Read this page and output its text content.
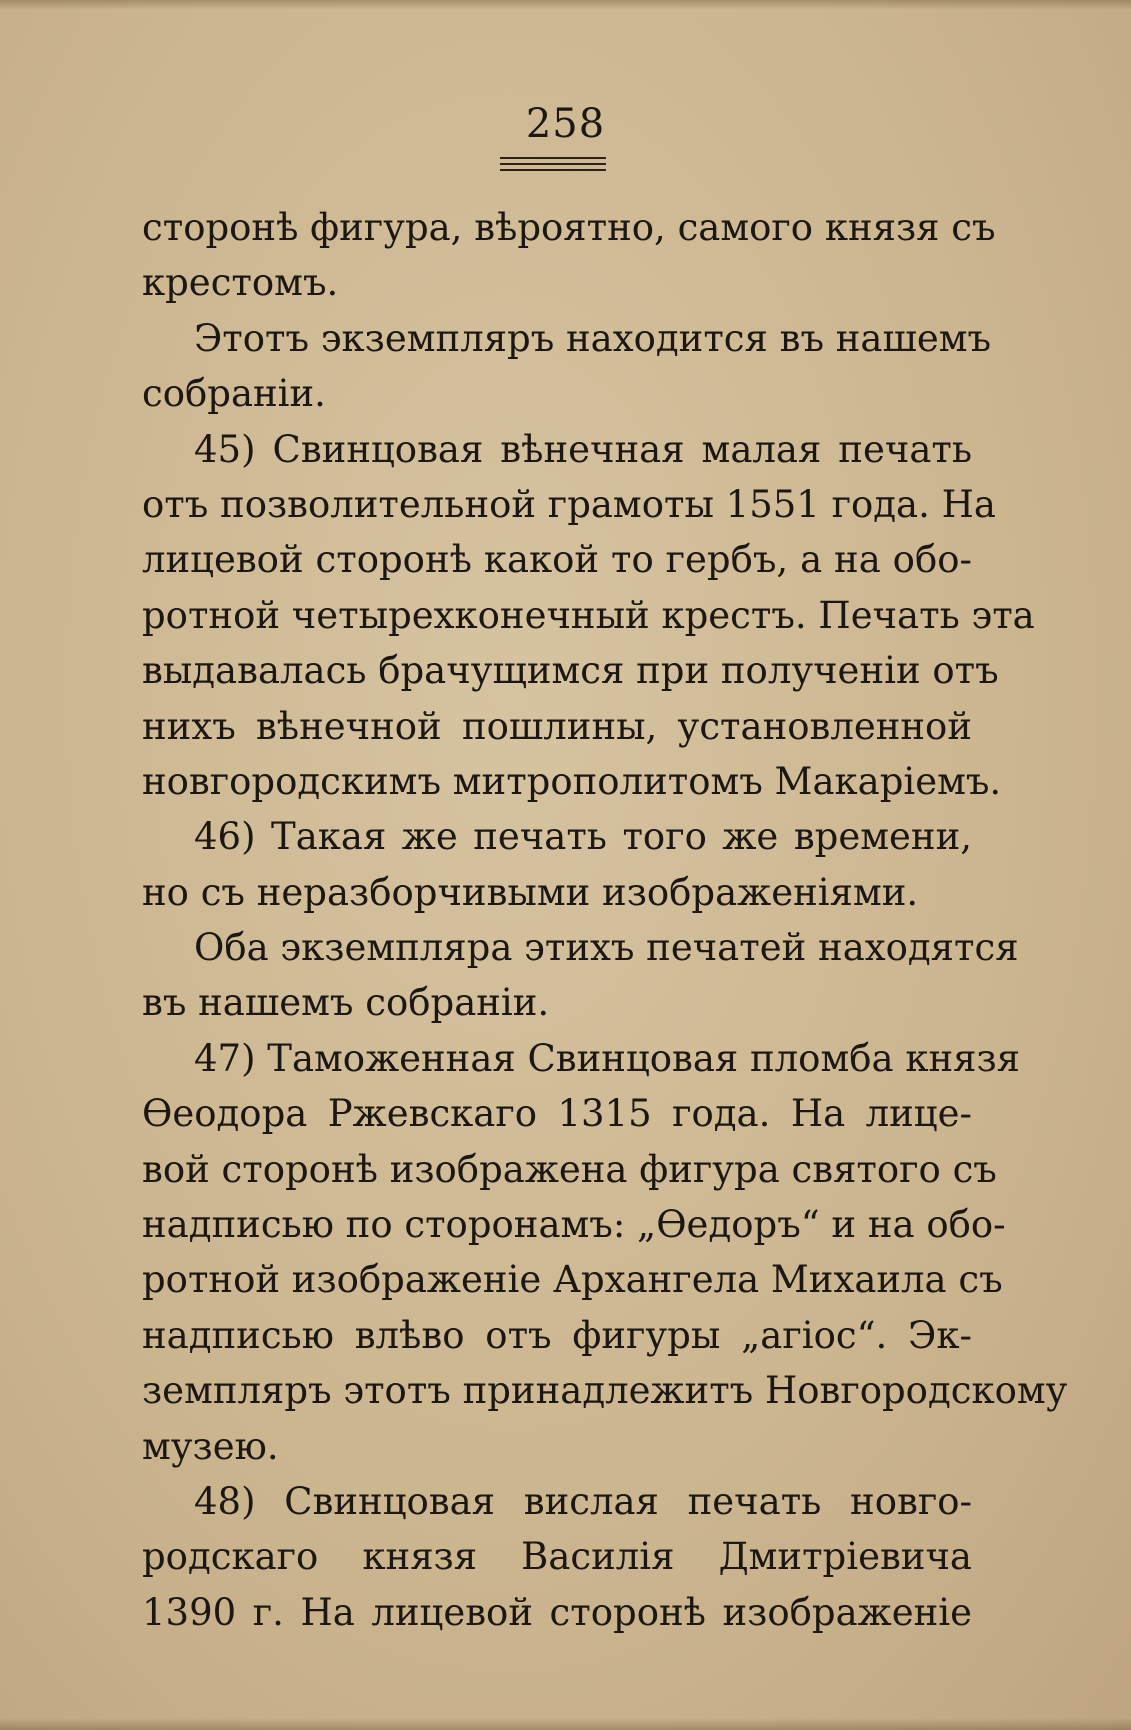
258
сторонѣ фигура, вѣроятно, самого князя съ
крестомъ.
Этотъ экземпляръ находится въ нашемъ
собраніи.
45) Свинцовая вѣнечная малая печать
отъ позволительной грамоты 1551 года. На
лицевой сторонѣ какой то гербъ, а на обо-
ротной четырехконечный крестъ. Печать эта
выдавалась брачущимся при полученіи отъ
нихъ вѣнечной пошлины, установленной
новгородскимъ митрополитомъ Макаріемъ.
46) Такая же печать того же времени,
но съ неразборчивыми изображеніями.
Оба экземпляра этихъ печатей находятся
въ нашемъ собраніи.
47) Таможенная Свинцовая пломба князя
Ѳеодора Ржевскаго 1315 года. На лице-
вой сторонѣ изображена фигура святого съ
надписью по сторонамъ: „Ѳедоръ“ и на обо-
ротной изображеніе Архангела Михаила съ
надписью влѣво отъ фигуры „агіос“. Эк-
земпляръ этотъ принадлежитъ Новгородскому
музею.
48) Свинцовая вислая печать новго-
родскаго князя Василія Дмитріевича
1390 г. На лицевой сторонѣ изображеніе
